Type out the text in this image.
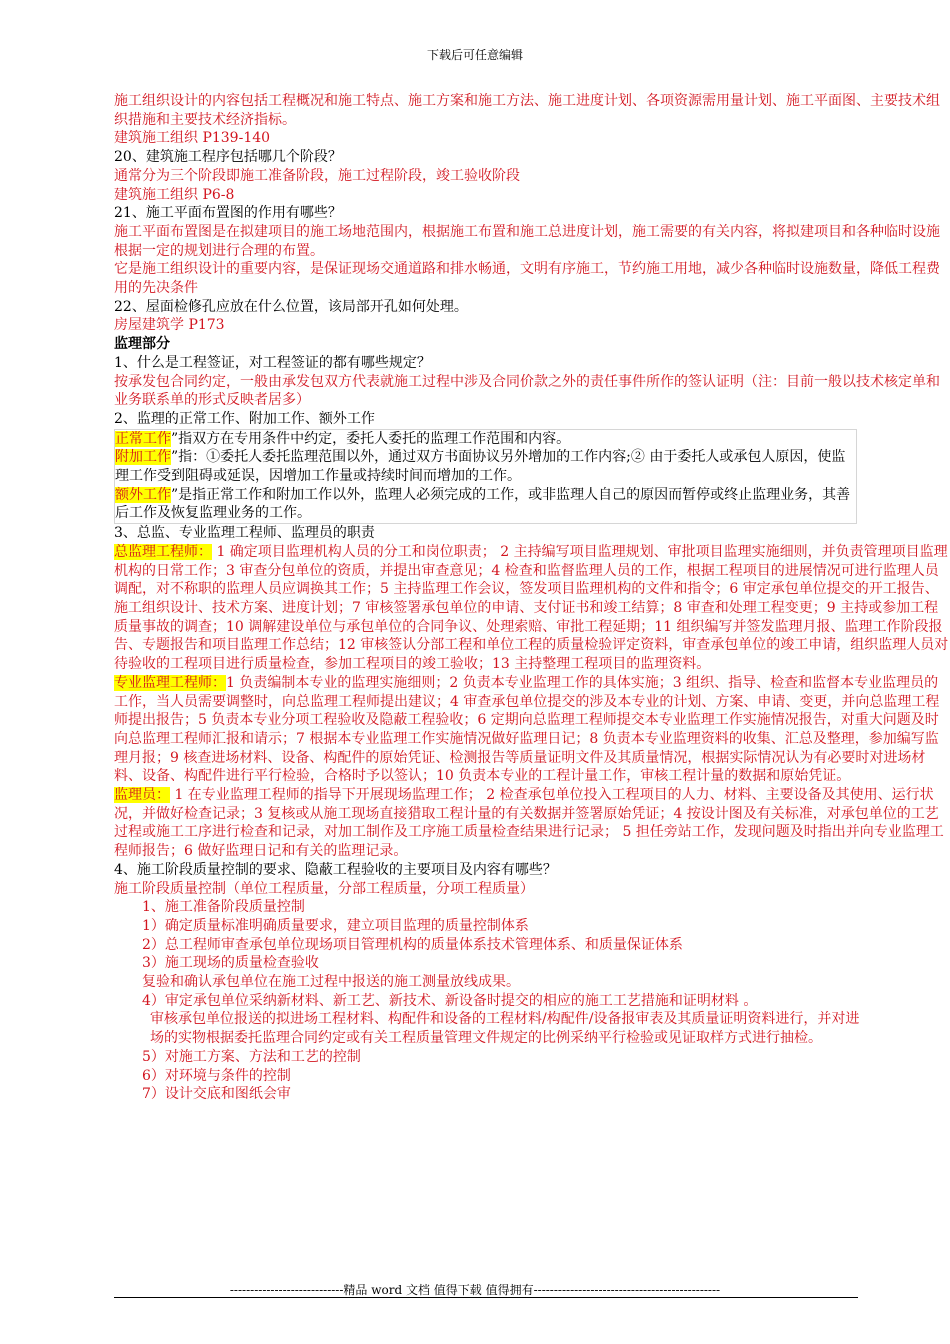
下载后可任意编辑

施工组织设计的内容包括工程概况和施工特点、施工方案和施工方法、施工进度计划、各项资源需用量计划、施工平面图、主要技术组织措施和主要技术经济指标。

建筑施工组织 P139-140

20、建筑施工程序包括哪几个阶段？

通常分为三个阶段即施工准备阶段，施工过程阶段，竣工验收阶段

建筑施工组织 P6-8

21、施工平面布置图的作用有哪些？

施工平面布置图是在拟建项目的施工场地范围内，根据施工布置和施工总进度计划，施工需要的有关内容，将拟建项目和各种临时设施根据一定的规划进行合理的布置。

它是施工组织设计的重要内容，是保证现场交通道路和排水畅通，文明有序施工，节约施工用地，减少各种临时设施数量，降低工程费用的先决条件

22、屋面检修孔应放在什么位置，该局部开孔如何处理。

房屋建筑学 P173

监理部分

1、什么是工程签证，对工程签证的都有哪些规定？

按承发包合同约定，一般由承发包双方代表就施工过程中涉及合同价款之外的责任事件所作的签认证明（注：目前一般以技术核定单和业务联系单的形式反映者居多）

2、监理的正常工作、附加工作、额外工作

正常工作”指双方在专用条件中约定，委托人委托的监理工作范围和内容。

附加工作”指：①委托人委托监理范围以外，通过双方书面协议另外增加的工作内容;② 由于委托人或承包人原因，使监理工作受到阻碍或延误，因增加工作量或持续时间而增加的工作。

额外工作”是指正常工作和附加工作以外，监理人必须完成的工作，或非监理人自己的原因而暂停或终止监理业务，其善后工作及恢复监理业务的工作。

3、总监、专业监理工程师、监理员的职责

总监理工程师： 1 确定项目监理机构人员的分工和岗位职责； 2 主持编写项目监理规划、审批项目监理实施细则，并负责管理项目监理机构的日常工作；3 审查分包单位的资质，并提出审查意见；4 检查和监督监理人员的工作，根据工程项目的进展情况可进行监理人员调配，对不称职的监理人员应调换其工作；5 主持监理工作会议，签发项目监理机构的文件和指令；6 审定承包单位提交的开工报告、施工组织设计、技术方案、进度计划；7 审核签署承包单位的申请、支付证书和竣工结算；8 审查和处理工程变更；9 主持或参加工程质量事故的调查；10 调解建设单位与承包单位的合同争议、处理索赔、审批工程延期；11 组织编写并签发监理月报、监理工作阶段报告、专题报告和项目监理工作总结；12 审核签认分部工程和单位工程的质量检验评定资料，审查承包单位的竣工申请，组织监理人员对待验收的工程项目进行质量检查，参加工程项目的竣工验收；13 主持整理工程项目的监理资料。

专业监理工程师：1 负责编制本专业的监理实施细则；2 负责本专业监理工作的具体实施；3 组织、指导、检查和监督本专业监理员的工作，当人员需要调整时，向总监理工程师提出建议；4 审查承包单位提交的涉及本专业的计划、方案、申请、变更，并向总监理工程师提出报告；5 负责本专业分项工程验收及隐蔽工程验收；6 定期向总监理工程师提交本专业监理工作实施情况报告，对重大问题及时向总监理工程师汇报和请示；7 根据本专业监理工作实施情况做好监理日记；8 负责本专业监理资料的收集、汇总及整理，参加编写监理月报；9 核查进场材料、设备、构配件的原始凭证、检测报告等质量证明文件及其质量情况，根据实际情况认为有必要时对进场材料、设备、构配件进行平行检验，合格时予以签认；10 负责本专业的工程计量工作，审核工程计量的数据和原始凭证。

监理员： 1 在专业监理工程师的指导下开展现场监理工作； 2 检查承包单位投入工程项目的人力、材料、主要设备及其使用、运行状况，并做好检查记录；3 复核或从施工现场直接猎取工程计量的有关数据并签署原始凭证；4 按设计图及有关标准，对承包单位的工艺过程或施工工序进行检查和记录，对加工制作及工序施工质量检查结果进行记录； 5 担任旁站工作，发现问题及时指出并向专业监理工程师报告；6 做好监理日记和有关的监理记录。

4、施工阶段质量控制的要求、隐蔽工程验收的主要项目及内容有哪些？

施工阶段质量控制（单位工程质量，分部工程质量，分项工程质量）

1、施工准备阶段质量控制

1）确定质量标准明确质量要求，建立项目监理的质量控制体系

2）总工程师审查承包单位现场项目管理机构的质量体系技术管理体系、和质量保证体系

3）施工现场的质量检查验收

复验和确认承包单位在施工过程中报送的施工测量放线成果。

4）审定承包单位采纳新材料、新工艺、新技术、新设备时提交的相应的施工工艺措施和证明材料 。

审核承包单位报送的拟进场工程材料、构配件和设备的工程材料/构配件/设备报审表及其质量证明资料进行，并对进场的实物根据委托监理合同约定或有关工程质量管理文件规定的比例采纳平行检验或见证取样方式进行抽检。

5）对施工方案、方法和工艺的控制

6）对环境与条件的控制

7）设计交底和图纸会审

----------------------------精品 word 文档 值得下载 值得拥有----------------------------------------------
